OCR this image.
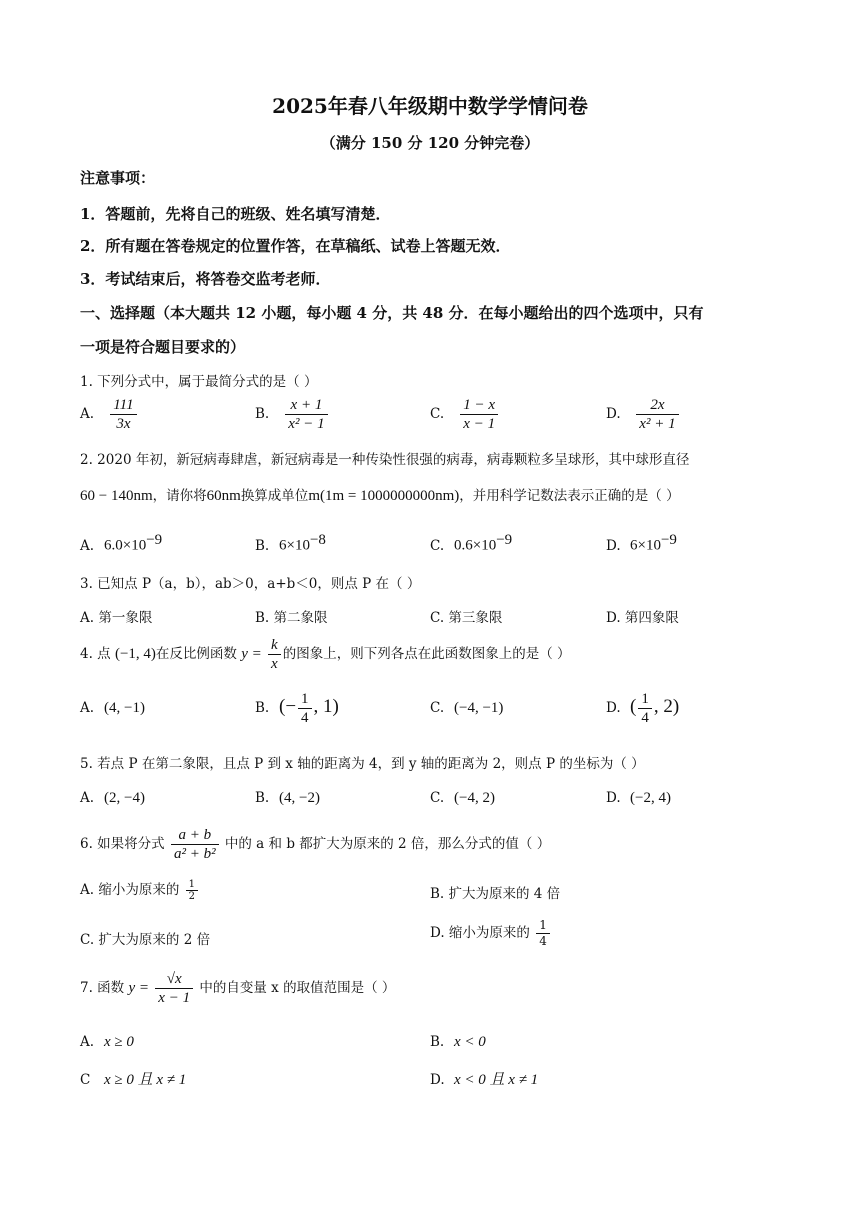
2025年春八年级期中数学学情问卷
（满分 150 分 120 分钟完卷）
注意事项：
1．答题前，先将自己的班级、姓名填写清楚．
2．所有题在答卷规定的位置作答，在草稿纸、试卷上答题无效．
3．考试结束后，将答卷交监考老师．
一、选择题（本大题共 12 小题，每小题 4 分，共 48 分．在每小题给出的四个选项中，只有
一项是符合题目要求的）
1. 下列分式中，属于最简分式的是（ ）
A. $\frac{111}{3x}$	B. $\frac{x + 1}{\text{x² − 1}}$	C. $\frac{1 - x}{x - 1}$	D. $\frac{2x}{\text{x² + 1}}$
2. 2020 年初，新冠病毒肆虐，新冠病毒是一种传染性很强的病毒，病毒颗粒多呈球形，其中球形直径
60 − 140nm，请你将60nm换算成单位m(1m = 1000000000nm)，并用科学记数法表示正确的是（ ）
A. $6.0\times 10^{-9}$	B. $6\times 10^{-8}$	C. $0.6\times 10^{-9}$	D. $6\times 10^{-9}$
3. 已知点 P（a，b），ab＞0，a+b＜0，则点 P 在（ ）
A. 第一象限	B. 第二象限	C. 第三象限	D. 第四象限
4. 点 (−1, 4)在反比例函数 $y = \frac{k}{x}$ 的图象上，则下列各点在此函数图象上的是（ ）
A. (4, −1)	B. (− $\frac{1}{4}$ , 1)	C. (−4, −1)	D. ( $\frac{1}{4}$ , 2)
5. 若点 P 在第二象限，且点 P 到 x 轴的距离为 4，到 y 轴的距离为 2，则点 P 的坐标为（ ）
A. (2, −4)	B. (4, −2)	C. (−4, 2)	D. (−2, 4)
6. 如果将分式 $\frac{a + b}{\text{a² + b²}}$ 中的 a 和 b 都扩大为原来的 2 倍，那么分式的值（ ）
A. 缩小为原来的 $\frac{1}{2}$	B. 扩大为原来的 4 倍
C. 扩大为原来的 2 倍	D. 缩小为原来的 $\frac{1}{4}$
7. 函数 $y = \frac{√x}{x - 1}$ 中的自变量 x 的取值范围是（ ）
A. x ≥ 0	B. x < 0
C x ≥ 0 且 x ≠ 1	D. x < 0 且 x ≠ 1
